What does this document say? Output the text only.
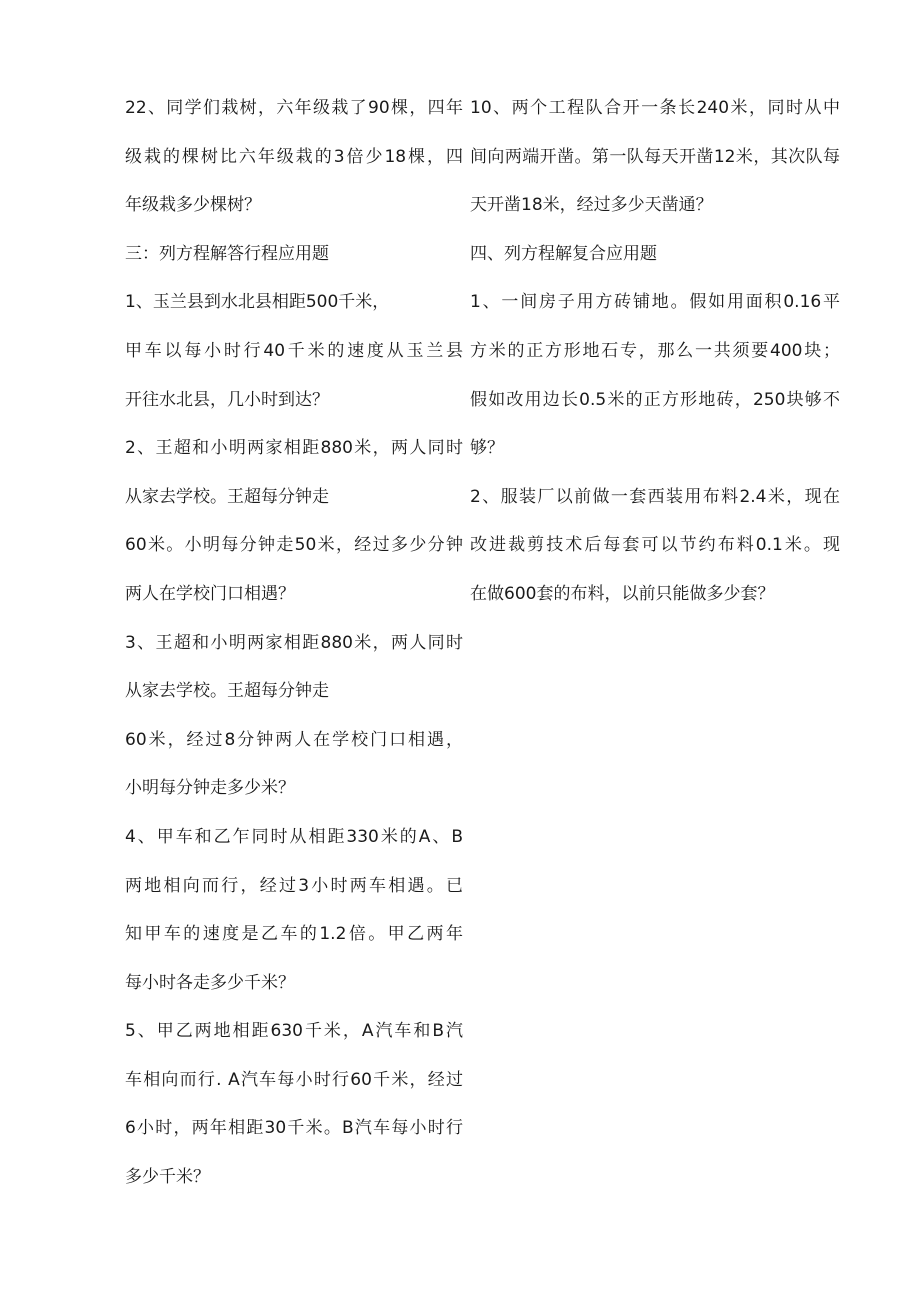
22、同学们栽树，六年级栽了90棵，四年
级栽的棵树比六年级栽的3倍少18棵，四
年级栽多少棵树？
三：列方程解答行程应用题
1、玉兰县到水北县相距500千米，
甲车以每小时行40千米的速度从玉兰县
开往水北县，几小时到达？
2、王超和小明两家相距880米，两人同时
从家去学校。王超每分钟走
60米。小明每分钟走50米，经过多少分钟
两人在学校门口相遇？
3、王超和小明两家相距880米，两人同时
从家去学校。王超每分钟走
60米，经过8分钟两人在学校门口相遇，
小明每分钟走多少米？
4、甲车和乙乍同时从相距330米的A、B
两地相向而行，经过3小时两车相遇。已
知甲车的速度是乙车的1.2倍。甲乙两年
每小时各走多少千米？
5、甲乙两地相距630千米，A汽车和B汽
车相向而行. A汽车每小时行60千米，经过
6小时，两年相距30千米。B汽车每小时行
多少千米？
10、两个工程队合开一条长240米，同时从中
间向两端开凿。第一队每天开凿12米，其次队每
天开凿18米，经过多少天凿通？
四、列方程解复合应用题
1、一间房子用方砖铺地。假如用面积0.16平
方米的正方形地石专，那么一共须要400块；
假如改用边长0.5米的正方形地砖，250块够不
够？
2、服装厂以前做一套西装用布料2.4米，现在
改进裁剪技术后每套可以节约布料0.1米。现
在做600套的布料，以前只能做多少套？
